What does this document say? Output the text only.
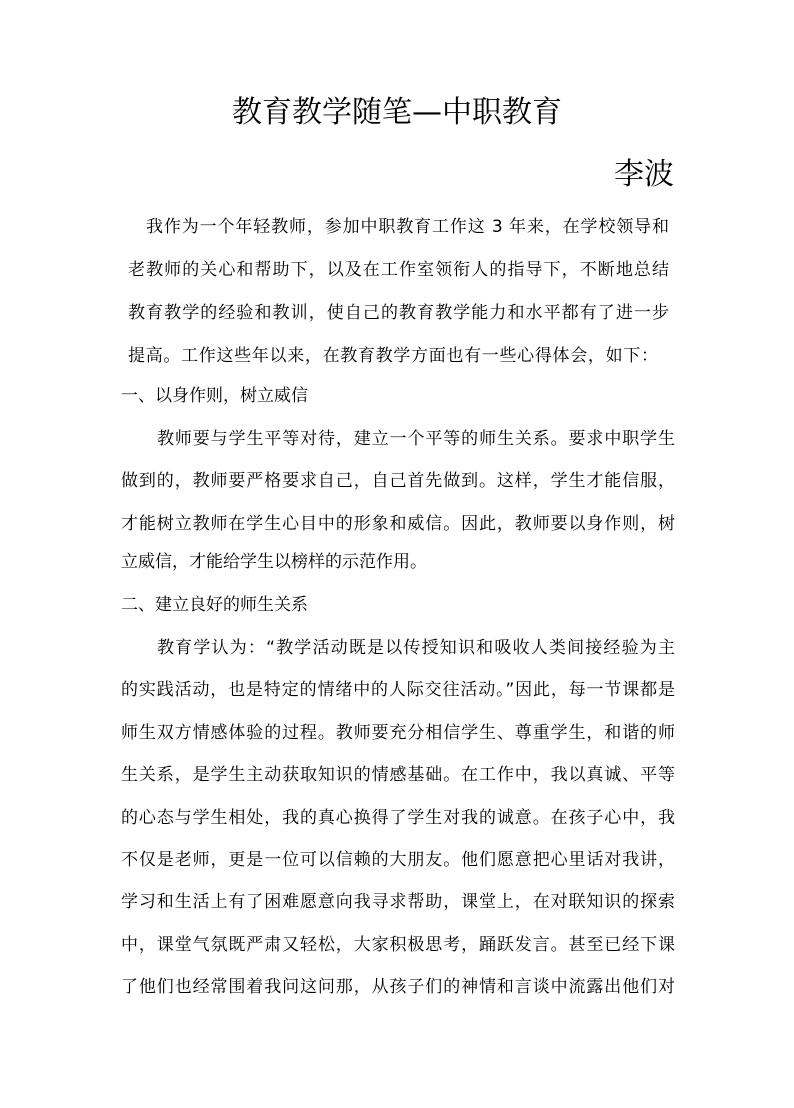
教育教学随笔—中职教育
李波
我作为一个年轻教师，参加中职教育工作这 3 年来，在学校领导和
老教师的关心和帮助下，以及在工作室领衔人的指导下，不断地总结
教育教学的经验和教训，使自己的教育教学能力和水平都有了进一步
提高。工作这些年以来，在教育教学方面也有一些心得体会，如下：
一、以身作则，树立威信
教师要与学生平等对待，建立一个平等的师生关系。要求中职学生
做到的，教师要严格要求自己，自己首先做到。这样，学生才能信服，
才能树立教师在学生心目中的形象和威信。因此，教师要以身作则，树
立威信，才能给学生以榜样的示范作用。
二、建立良好的师生关系
教育学认为：“教学活动既是以传授知识和吸收人类间接经验为主
的实践活动，也是特定的情绪中的人际交往活动。”因此，每一节课都是
师生双方情感体验的过程。教师要充分相信学生、尊重学生，和谐的师
生关系，是学生主动获取知识的情感基础。在工作中，我以真诚、平等
的心态与学生相处，我的真心换得了学生对我的诚意。在孩子心中，我
不仅是老师，更是一位可以信赖的大朋友。他们愿意把心里话对我讲，
学习和生活上有了困难愿意向我寻求帮助，课堂上，在对联知识的探索
中，课堂气氛既严肃又轻松，大家积极思考，踊跃发言。甚至已经下课
了他们也经常围着我问这问那，从孩子们的神情和言谈中流露出他们对
